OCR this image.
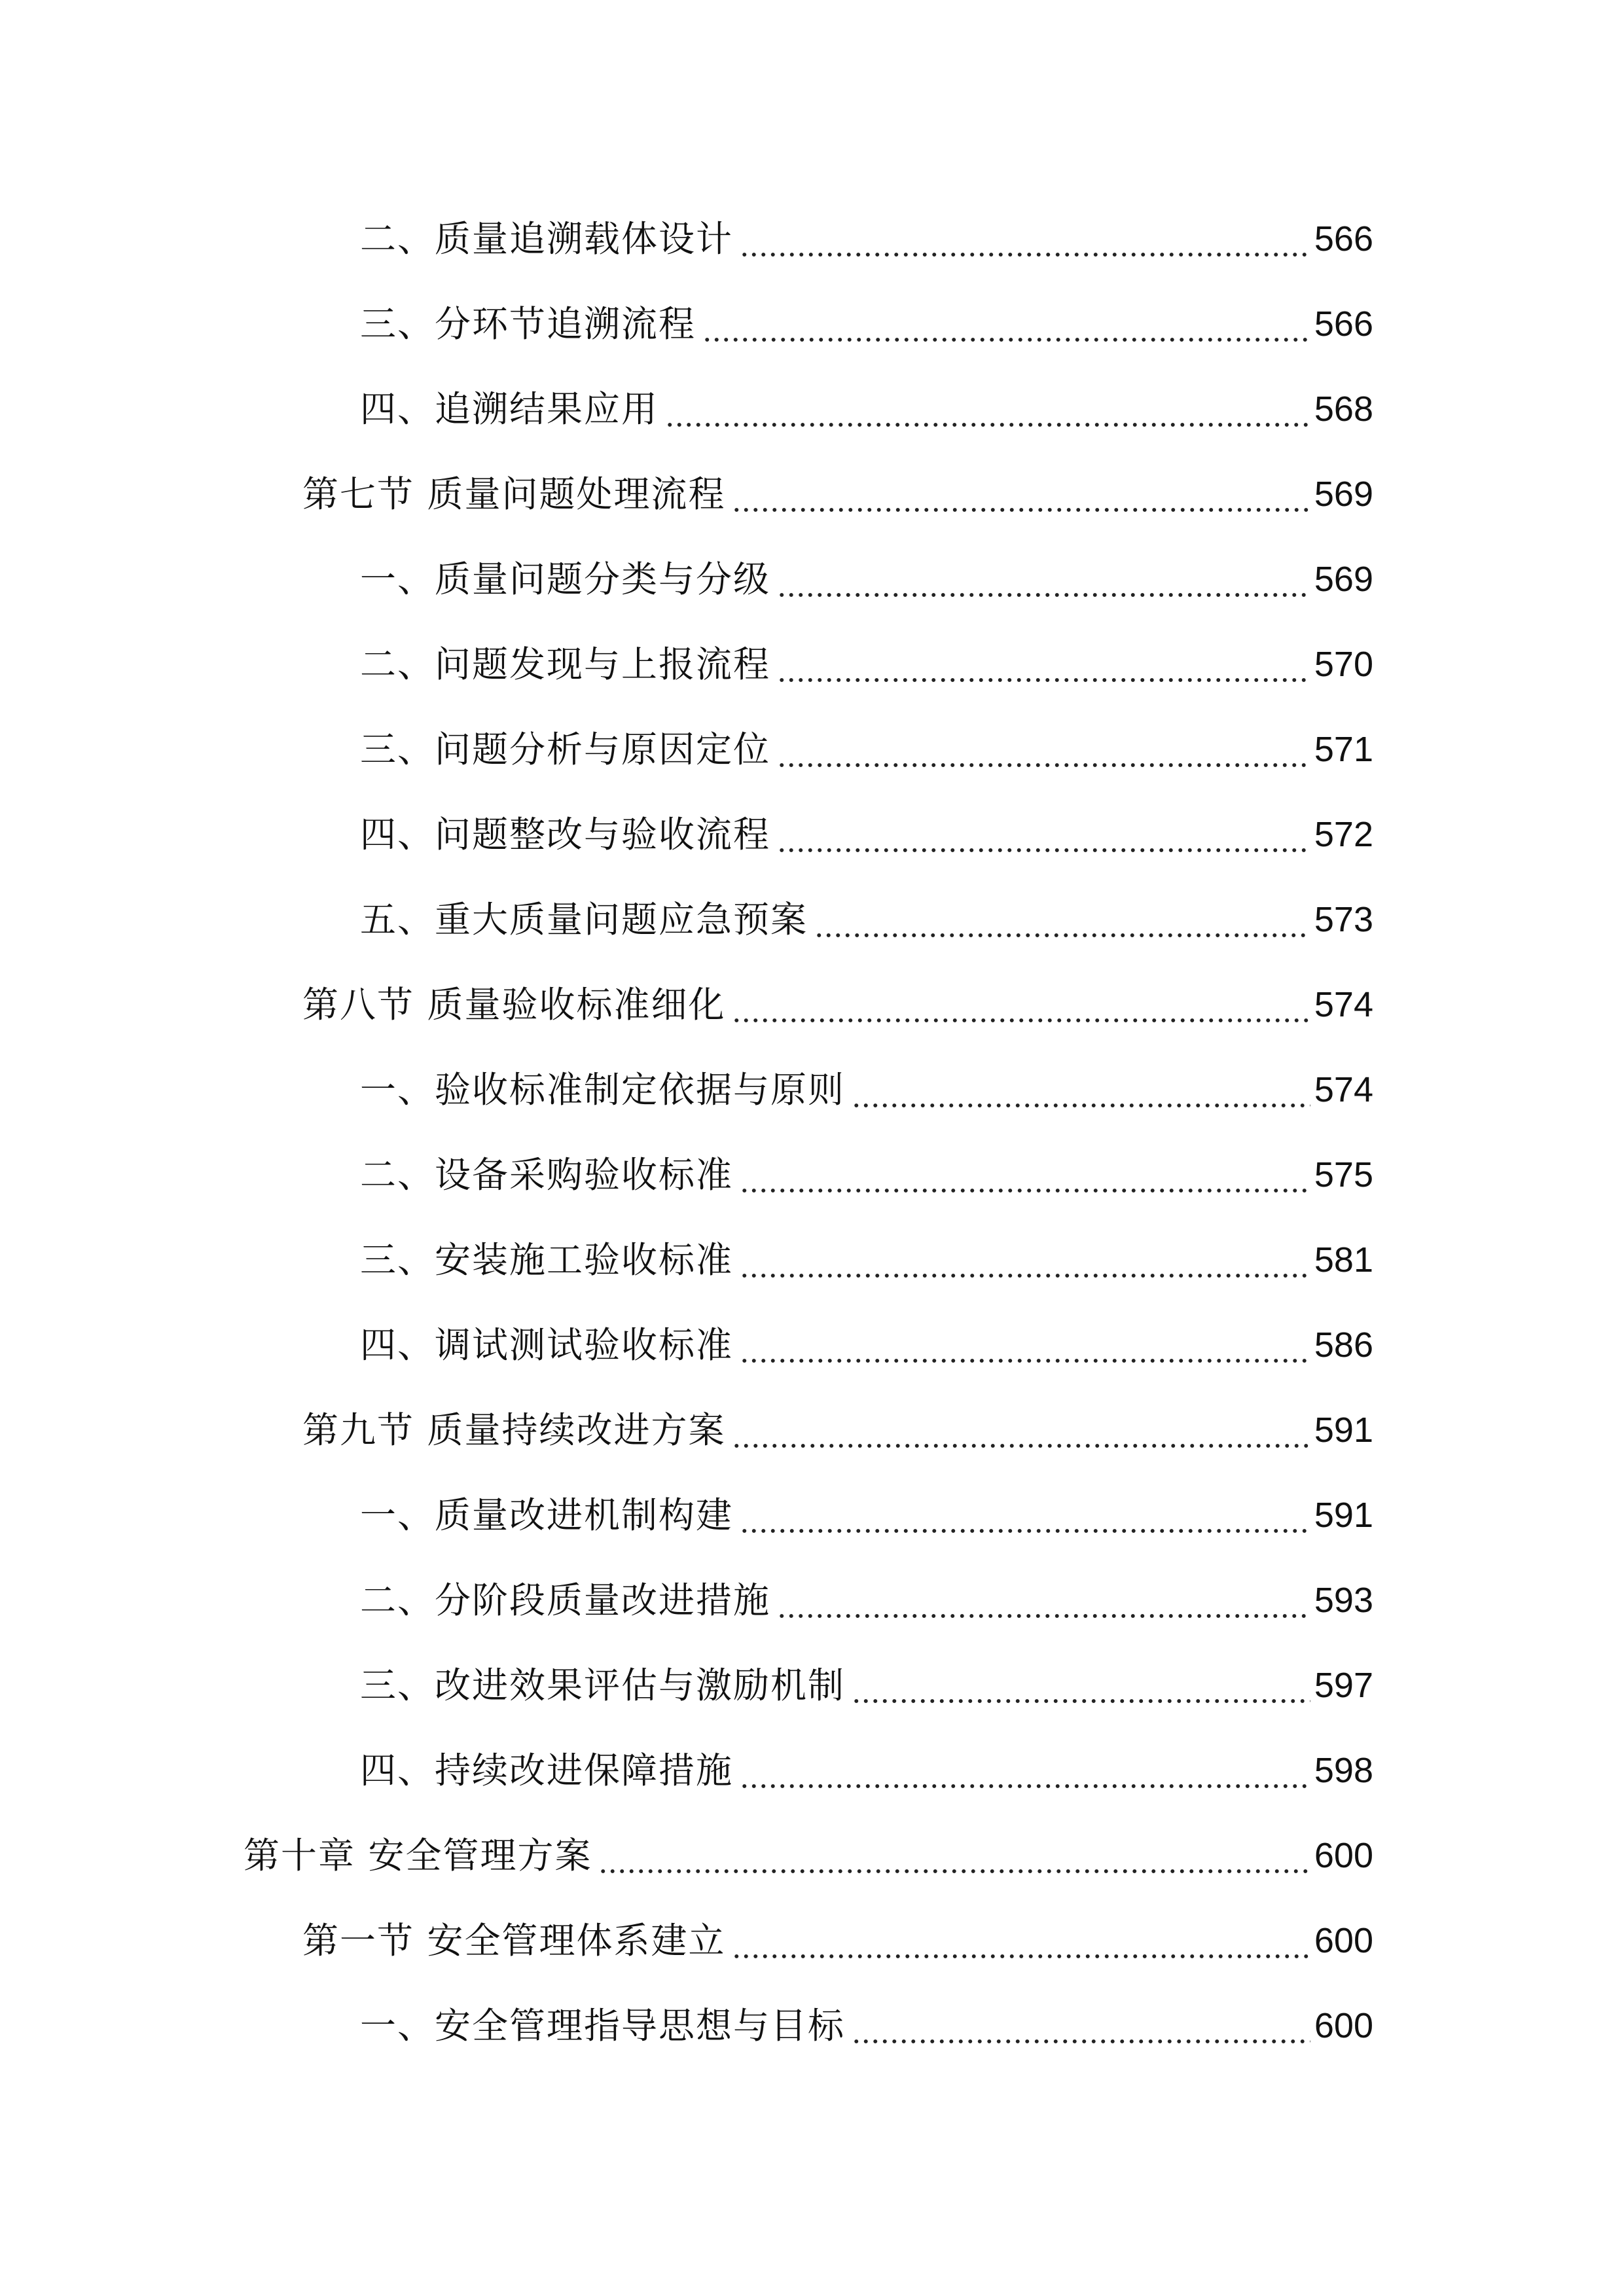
二、质量追溯载体设计	566
三、分环节追溯流程	566
四、追溯结果应用	568
第七节 质量问题处理流程	569
一、质量问题分类与分级	569
二、问题发现与上报流程	570
三、问题分析与原因定位	571
四、问题整改与验收流程	572
五、重大质量问题应急预案	573
第八节 质量验收标准细化	574
一、验收标准制定依据与原则	574
二、设备采购验收标准	575
三、安装施工验收标准	581
四、调试测试验收标准	586
第九节 质量持续改进方案	591
一、质量改进机制构建	591
二、分阶段质量改进措施	593
三、改进效果评估与激励机制	597
四、持续改进保障措施	598
第十章 安全管理方案	600
第一节 安全管理体系建立	600
一、安全管理指导思想与目标	600
